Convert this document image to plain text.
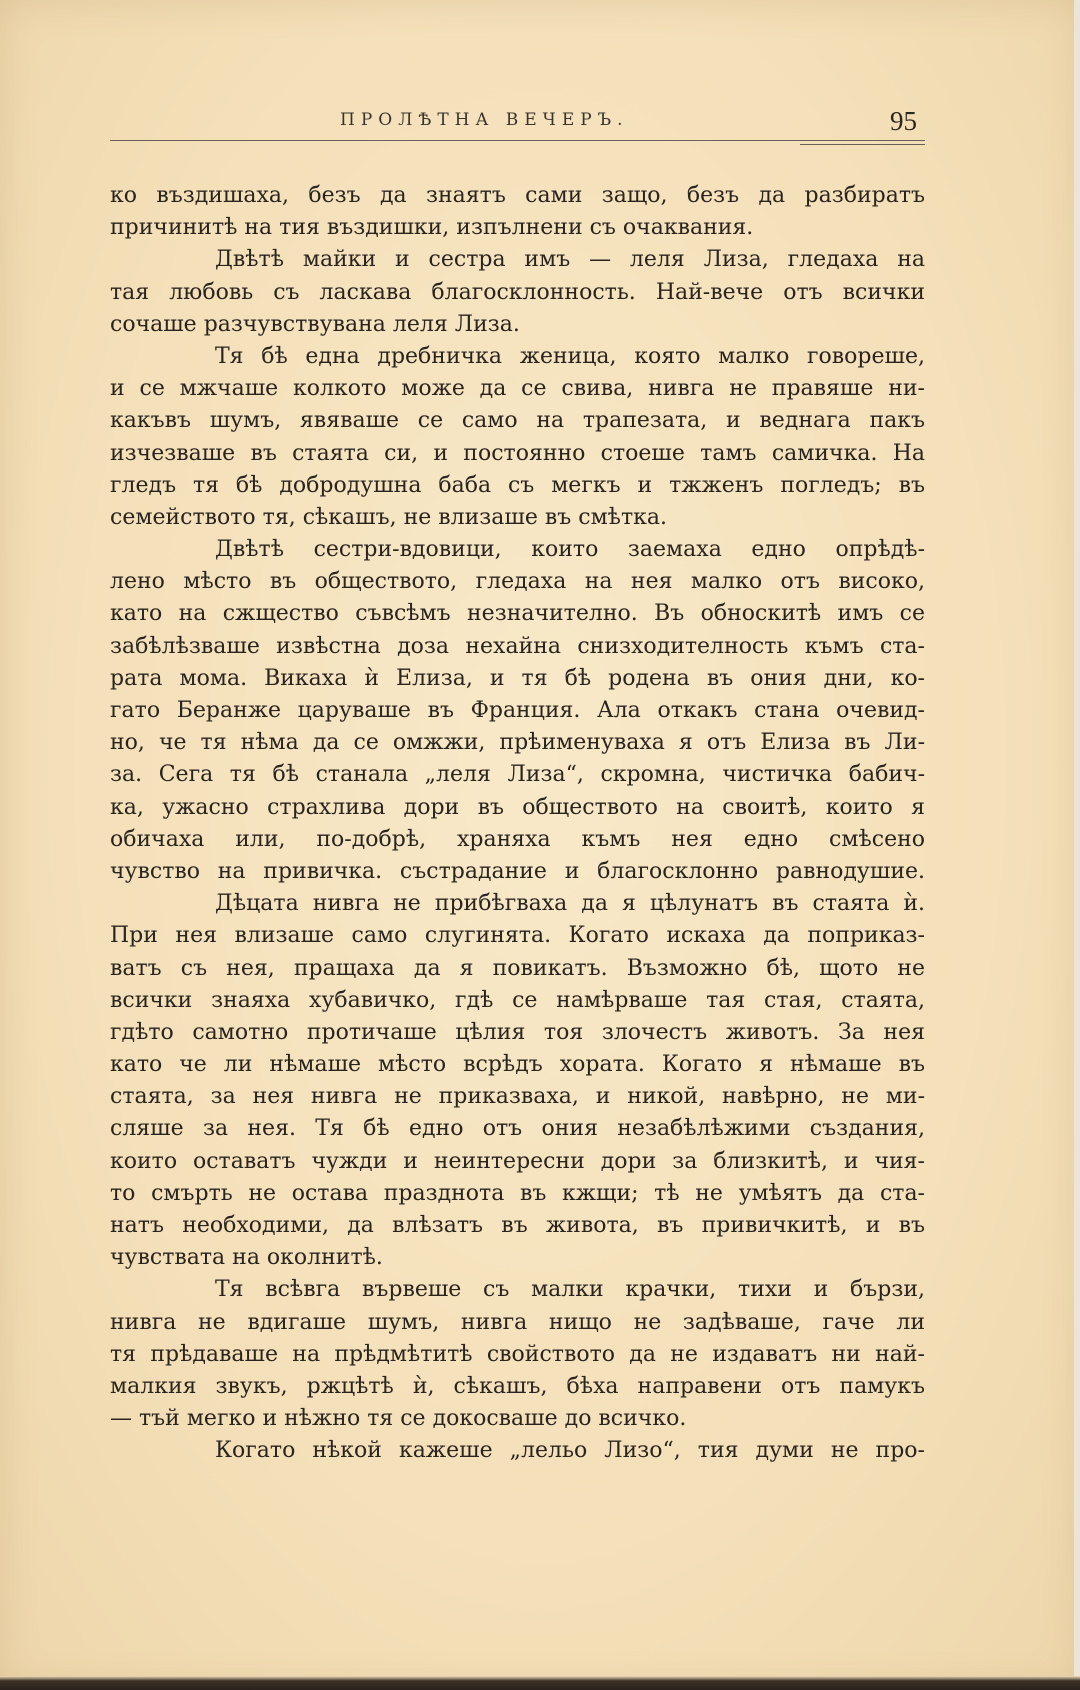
ПРОЛѢТНА ВЕЧЕРЪ.	95
ко въздишаха, безъ да знаятъ сами защо, безъ да разбиратъ
причинитѣ на тия въздишки, изпълнени съ очаквания.
Двѣтѣ майки и сестра имъ — леля Лиза, гледаха на
тая любовь съ ласкава благосклонность. Най-вече отъ всички
сочаше разчувствувана леля Лиза.
Тя бѣ една дребничка женица, която малко говореше,
и се мжчаше колкото може да се свива, нивга не правяше ни-
какъвъ шумъ, явяваше се само на трапезата, и веднага пакъ
изчезваше въ стаята си, и постоянно стоеше тамъ самичка. На
гледъ тя бѣ добродушна баба съ мегкъ и тжженъ погледъ; въ
семейството тя, сѣкашъ, не влизаше въ смѣтка.
Двѣтѣ сестри-вдовици, които заемаха едно опрѣдѣ-
лено мѣсто въ обществото, гледаха на нея малко отъ високо,
като на сжщество съвсѣмъ незначително. Въ обноскитѣ имъ се
забѣлѣзваше извѣстна доза нехайна снизходителность къмъ ста-
рата мома. Викаха ѝ Елиза, и тя бѣ родена въ ония дни, ко-
гато Беранже царуваше въ Франция. Ала откакъ стана очевид-
но, че тя нѣма да се омжжи, прѣименуваха я отъ Елиза въ Ли-
за. Сега тя бѣ станала „леля Лиза“, скромна, чистичка бабич-
ка, ужасно страхлива дори въ обществото на своитѣ, които я
обичаха или, по-добрѣ, храняха къмъ нея едно смѣсено
чувство на привичка. състрадание и благосклонно равнодушие.
Дѣцата нивга не прибѣгваха да я цѣлунатъ въ стаята ѝ.
При нея влизаше само слугинята. Когато искаха да поприказ-
ватъ съ нея, пращаха да я повикатъ. Възможно бѣ, щото не
всички знаяха хубавичко, гдѣ се намѣрваше тая стая, стаята,
гдѣто самотно протичаше цѣлия тоя злочестъ животъ. За нея
като че ли нѣмаше мѣсто всрѣдъ хората. Когато я нѣмаше въ
стаята, за нея нивга не приказваха, и никой, навѣрно, не ми-
сляше за нея. Тя бѣ едно отъ ония незабѣлѣжими създания,
които оставатъ чужди и неинтересни дори за близкитѣ, и чия-
то смърть не остава празднота въ кжщи; тѣ не умѣятъ да ста-
натъ необходими, да влѣзатъ въ живота, въ привичкитѣ, и въ
чувствата на околнитѣ.
Тя всѣвга вървеше съ малки крачки, тихи и бързи,
нивга не вдигаше шумъ, нивга нищо не задѣваше, гаче ли
тя прѣдаваше на прѣдмѣтитѣ свойството да не издаватъ ни най-
малкия звукъ, ржцѣтѣ ѝ, сѣкашъ, бѣха направени отъ памукъ
— тъй мегко и нѣжно тя се докосваше до всичко.
Когато нѣкой кажеше „лельо Лизо“, тия думи не про-
